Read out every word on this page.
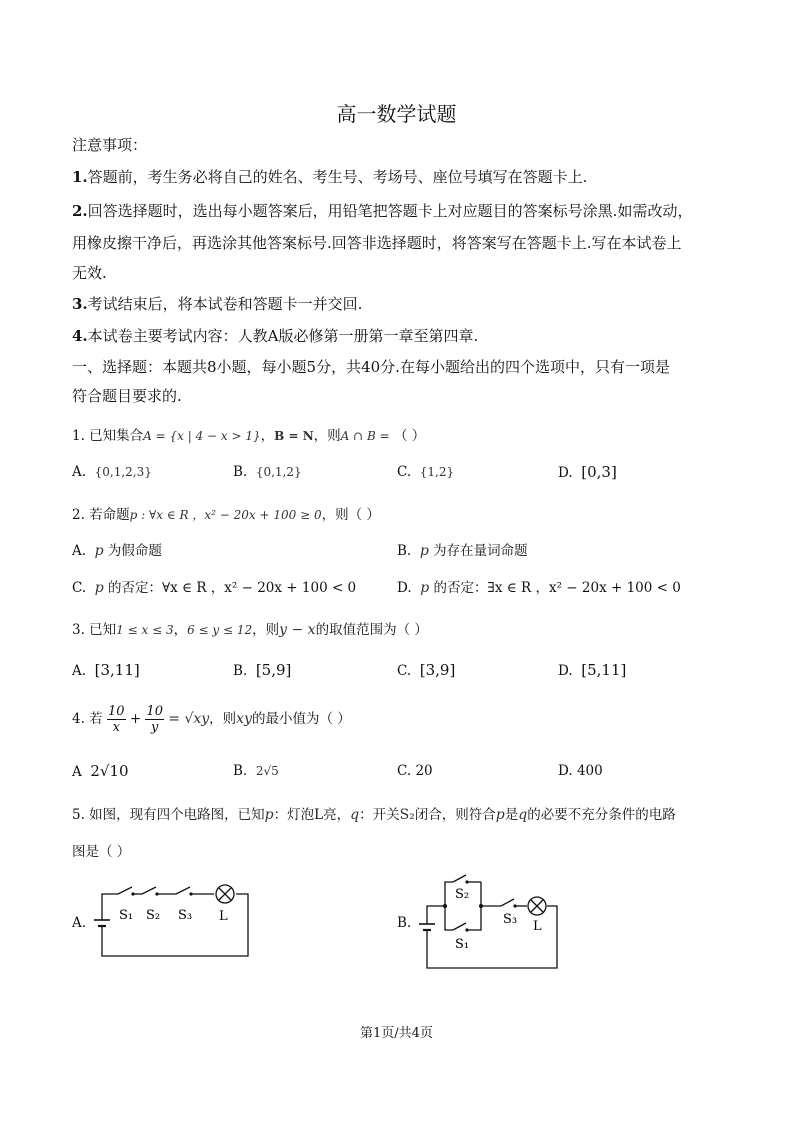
高一数学试题
注意事项：
1.答题前，考生务必将自己的姓名、考生号、考场号、座位号填写在答题卡上.
2.回答选择题时，选出每小题答案后，用铅笔把答题卡上对应题目的答案标号涂黑.如需改动，
用橡皮擦干净后，再选涂其他答案标号.回答非选择题时，将答案写在答题卡上.写在本试卷上
无效.
3.考试结束后，将本试卷和答题卡一并交回.
4.本试卷主要考试内容：人教A版必修第一册第一章至第四章.
一、选择题：本题共8小题，每小题5分，共40分.在每小题给出的四个选项中，只有一项是
符合题目要求的.
1. 已知集合A = {x | 4 − x > 1}，B = N，则A ∩ B = （ ）
A. {0,1,2,3}	B. {0,1,2}	C. {1,2}	D. [0,3]
2. 若命题p : ∀x ∈ R ，x² − 20x + 100 ≥ 0，则（ ）
A. p 为假命题	B. p 为存在量词命题
C. p 的否定：∀x ∈ R ，x² − 20x + 100 < 0	D. p 的否定：∃x ∈ R ，x² − 20x + 100 < 0
3. 已知1 ≤ x ≤ 3，6 ≤ y ≤ 12，则y − x的取值范围为（ ）
A. [3,11]	B. [5,9]	C. [3,9]	D. [5,11]
4. 若 $\frac{10}{x} + \frac{10}{y} = √xy$，则xy的最小值为（ ）
A 2√10	B. 2√5	C. 20	D. 400
5. 如图，现有四个电路图，已知p：灯泡L亮，q：开关S₂闭合，则符合p是q的必要不充分条件的电路
图是（ ）
A.	S₁ S₂ S₃ L	B.
S₂
S₁
S₃ L
第1页/共4页
